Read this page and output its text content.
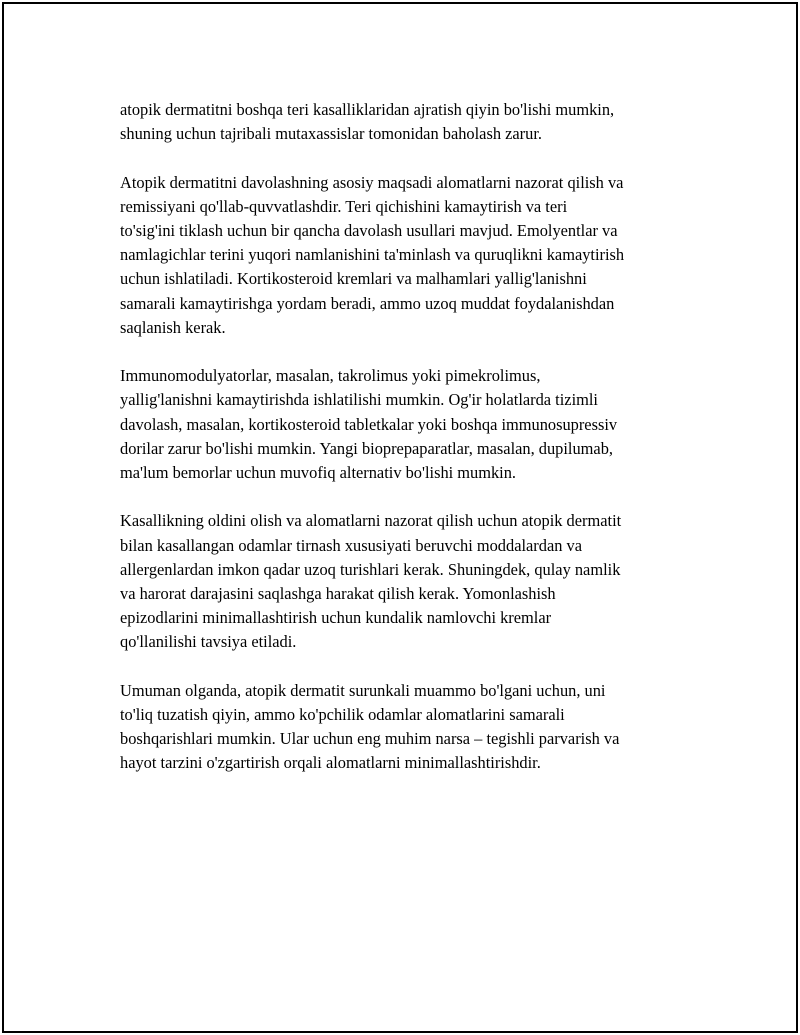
atopik dermatitni boshqa teri kasalliklaridan ajratish qiyin bo'lishi mumkin,
shuning uchun tajribali mutaxassislar tomonidan baholash zarur.

Atopik dermatitni davolashning asosiy maqsadi alomatlarni nazorat qilish va
remissiyani qo'llab-quvvatlashdir. Teri qichishini kamaytirish va teri
to'sig'ini tiklash uchun bir qancha davolash usullari mavjud. Emolyentlar va
namlagichlar terini yuqori namlanishini ta'minlash va quruqlikni kamaytirish
uchun ishlatiladi. Kortikosteroid kremlari va malhamlari yallig'lanishni
samarali kamaytirishga yordam beradi, ammo uzoq muddat foydalanishdan
saqlanish kerak.

Immunomodulyatorlar, masalan, takrolimus yoki pimekrolimus,
yallig'lanishni kamaytirishda ishlatilishi mumkin. Og'ir holatlarda tizimli
davolash, masalan, kortikosteroid tabletkalar yoki boshqa immunosupressiv
dorilar zarur bo'lishi mumkin. Yangi bioprepaparatlar, masalan, dupilumab,
ma'lum bemorlar uchun muvofiq alternativ bo'lishi mumkin.

Kasallikning oldini olish va alomatlarni nazorat qilish uchun atopik dermatit
bilan kasallangan odamlar tirnash xususiyati beruvchi moddalardan va
allergenlardan imkon qadar uzoq turishlari kerak. Shuningdek, qulay namlik
va harorat darajasini saqlashga harakat qilish kerak. Yomonlashish
epizodlarini minimallashtirish uchun kundalik namlovchi kremlar
qo'llanilishi tavsiya etiladi.

Umuman olganda, atopik dermatit surunkali muammo bo'lgani uchun, uni
to'liq tuzatish qiyin, ammo ko'pchilik odamlar alomatlarini samarali
boshqarishlari mumkin. Ular uchun eng muhim narsa – tegishli parvarish va
hayot tarzini o'zgartirish orqali alomatlarni minimallashtirishdir.
